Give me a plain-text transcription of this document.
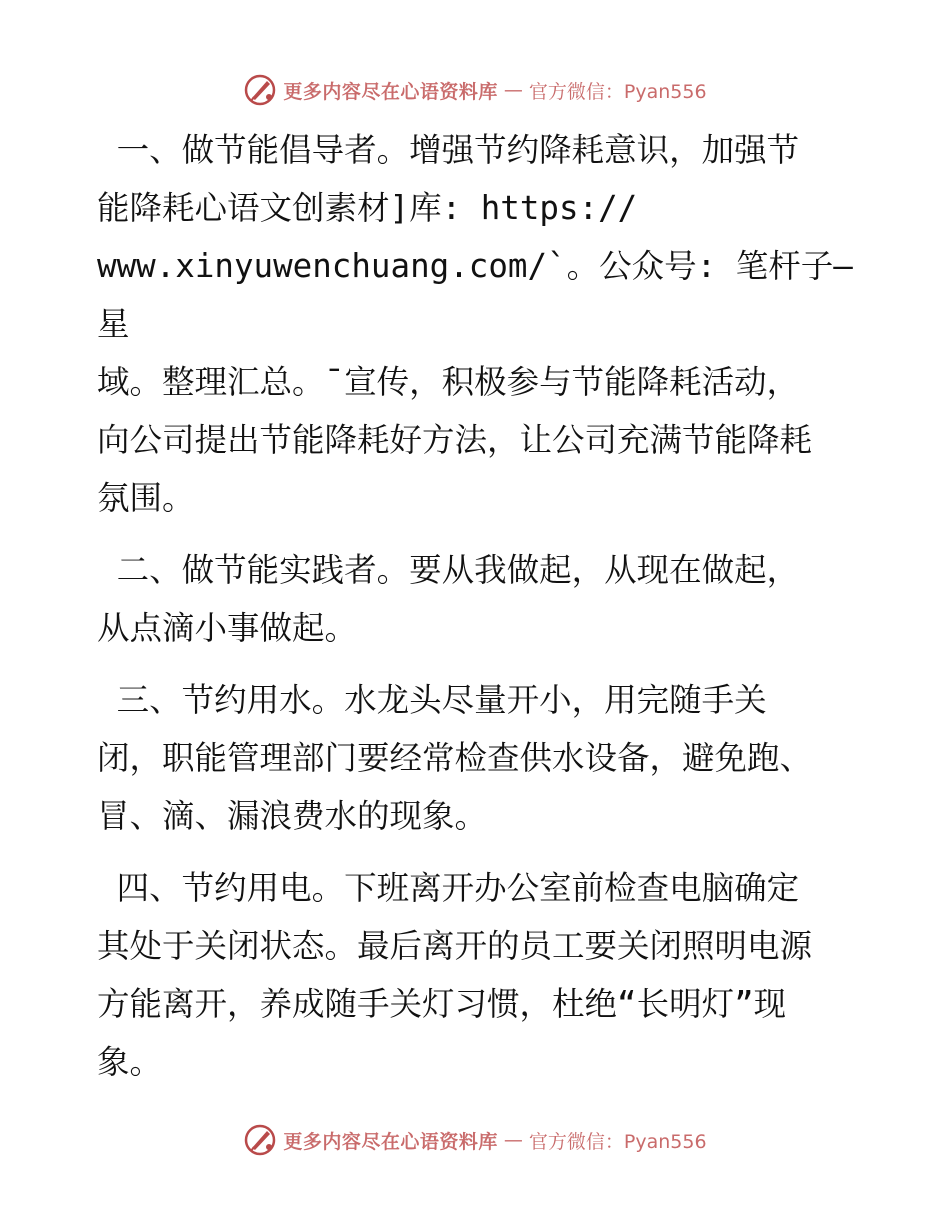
更多内容尽在心语资料库 — 官方微信：Pyan556

一、做节能倡导者。增强节约降耗意识，加强节
能降耗心语文创素材]库: https://
www.xinyuwenchuang.com/`。公众号: 笔杆子—星
域。整理汇总。¯宣传，积极参与节能降耗活动，
向公司提出节能降耗好方法，让公司充满节能降耗
氛围。

二、做节能实践者。要从我做起，从现在做起，
从点滴小事做起。

三、节约用水。水龙头尽量开小，用完随手关
闭，职能管理部门要经常检查供水设备，避免跑、
冒、滴、漏浪费水的现象。

四、节约用电。下班离开办公室前检查电脑确定
其处于关闭状态。最后离开的员工要关闭照明电源
方能离开，养成随手关灯习惯，杜绝“长明灯”现
象。

更多内容尽在心语资料库 — 官方微信：Pyan556
